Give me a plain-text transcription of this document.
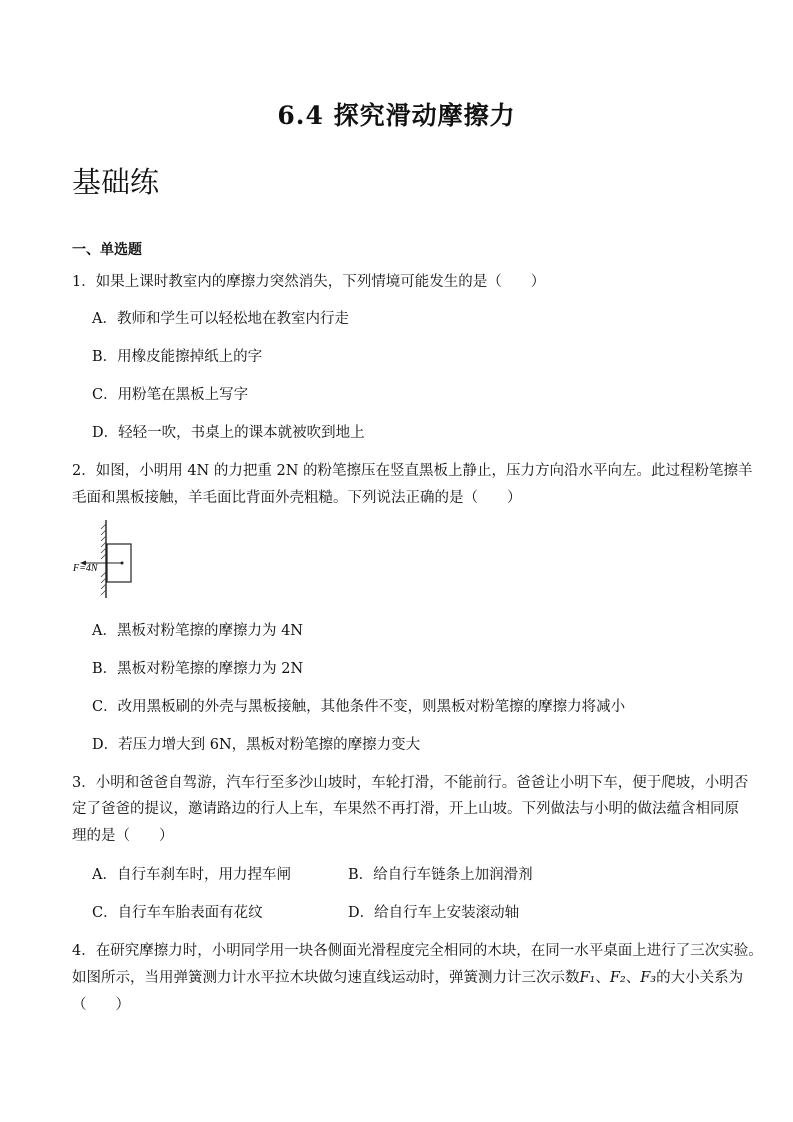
6.4 探究滑动摩擦力
基础练
一、单选题
1．如果上课时教室内的摩擦力突然消失，下列情境可能发生的是（　　）
A．教师和学生可以轻松地在教室内行走
B．用橡皮能擦掉纸上的字
C．用粉笔在黑板上写字
D．轻轻一吹，书桌上的课本就被吹到地上
2．如图，小明用 4N 的力把重 2N 的粉笔擦压在竖直黑板上静止，压力方向沿水平向左。此过程粉笔擦羊
毛面和黑板接触，羊毛面比背面外壳粗糙。下列说法正确的是（　　）
F=4N
A．黑板对粉笔擦的摩擦力为 4N
B．黑板对粉笔擦的摩擦力为 2N
C．改用黑板刷的外壳与黑板接触，其他条件不变，则黑板对粉笔擦的摩擦力将减小
D．若压力增大到 6N，黑板对粉笔擦的摩擦力变大
3．小明和爸爸自驾游，汽车行至多沙山坡时，车轮打滑，不能前行。爸爸让小明下车，便于爬坡，小明否
定了爸爸的提议，邀请路边的行人上车，车果然不再打滑，开上山坡。下列做法与小明的做法蕴含相同原
理的是（　　）
A．自行车刹车时，用力捏车闸	B．给自行车链条上加润滑剂
C．自行车车胎表面有花纹	D．给自行车上安装滚动轴
4．在研究摩擦力时，小明同学用一块各侧面光滑程度完全相同的木块，在同一水平桌面上进行了三次实验。
如图所示，当用弹簧测力计水平拉木块做匀速直线运动时，弹簧测力计三次示数F₁、F₂、F₃的大小关系为
（　　）
